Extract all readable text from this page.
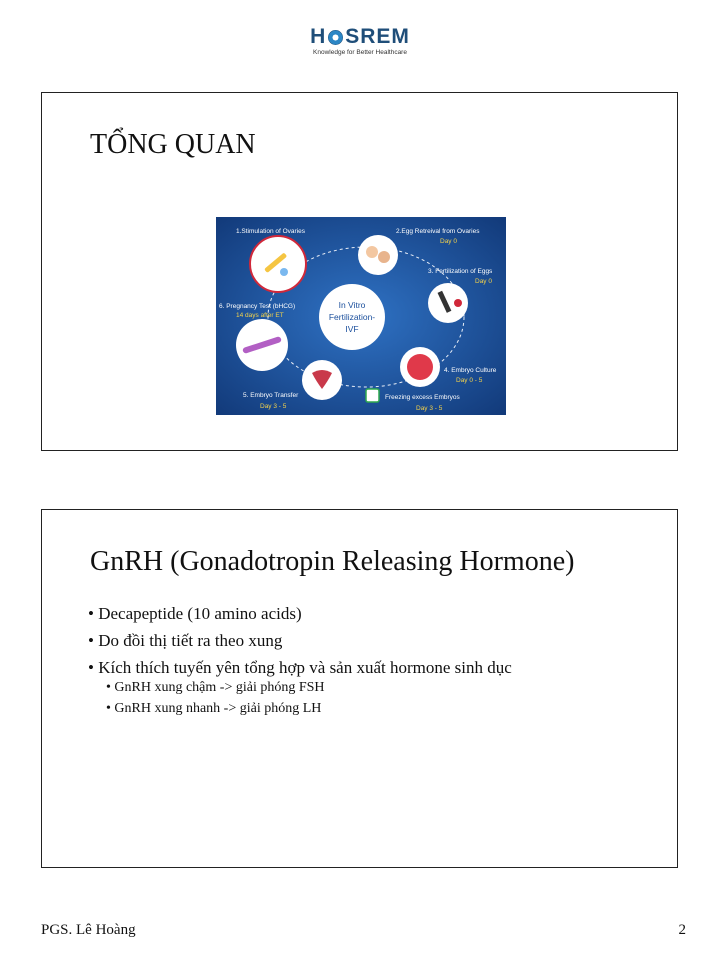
H SREM
Knowledge for Better Healthcare
TỔNG QUAN
In Vitro
Fertilization-
IVF
1.Stimulation of Ovaries	2.Egg Retreival from Ovaries
Day 0
3. Fertilization of Eggs
Day 0
4. Embryo Culture
Day 0 - 5
Freezing excess Embryos
Day 3 - 5
5. Embryo Transfer
Day 3 - 5
6. Pregnancy Test (bHCG)
14 days after ET
GnRH (Gonadotropin Releasing Hormone)
• Decapeptide (10 amino acids)
• Do đồi thị tiết ra theo xung
• Kích thích tuyến yên tổng hợp và sản xuất hormone sinh dục
• GnRH xung chậm -> giải phóng FSH
• GnRH xung nhanh -> giải phóng LH
PGS. Lê Hoàng	2
